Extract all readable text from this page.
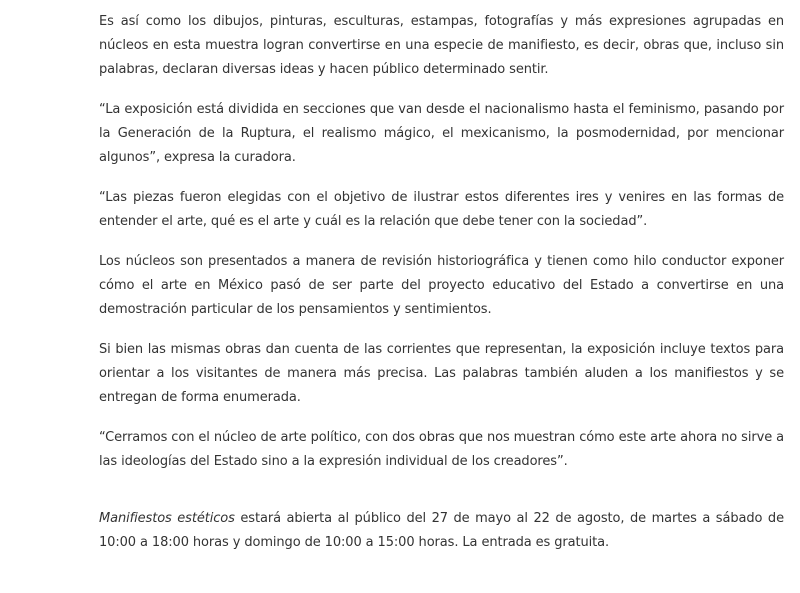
Es así como los dibujos, pinturas, esculturas, estampas, fotografías y más expresiones agrupadas en núcleos en esta muestra logran convertirse en una especie de manifiesto, es decir, obras que, incluso sin palabras, declaran diversas ideas y hacen público determinado sentir.

“La exposición está dividida en secciones que van desde el nacionalismo hasta el feminismo, pasando por la Generación de la Ruptura, el realismo mágico, el mexicanismo, la posmodernidad, por mencionar algunos”, expresa la curadora.

“Las piezas fueron elegidas con el objetivo de ilustrar estos diferentes ires y venires en las formas de entender el arte, qué es el arte y cuál es la relación que debe tener con la sociedad”.

Los núcleos son presentados a manera de revisión historiográfica y tienen como hilo conductor exponer cómo el arte en México pasó de ser parte del proyecto educativo del Estado a convertirse en una demostración particular de los pensamientos y sentimientos.

Si bien las mismas obras dan cuenta de las corrientes que representan, la exposición incluye textos para orientar a los visitantes de manera más precisa. Las palabras también aluden a los manifiestos y se entregan de forma enumerada.

“Cerramos con el núcleo de arte político, con dos obras que nos muestran cómo este arte ahora no sirve a las ideologías del Estado sino a la expresión individual de los creadores”.

Manifiestos estéticos estará abierta al público del 27 de mayo al 22 de agosto, de martes a sábado de 10:00 a 18:00 horas y domingo de 10:00 a 15:00 horas. La entrada es gratuita.
